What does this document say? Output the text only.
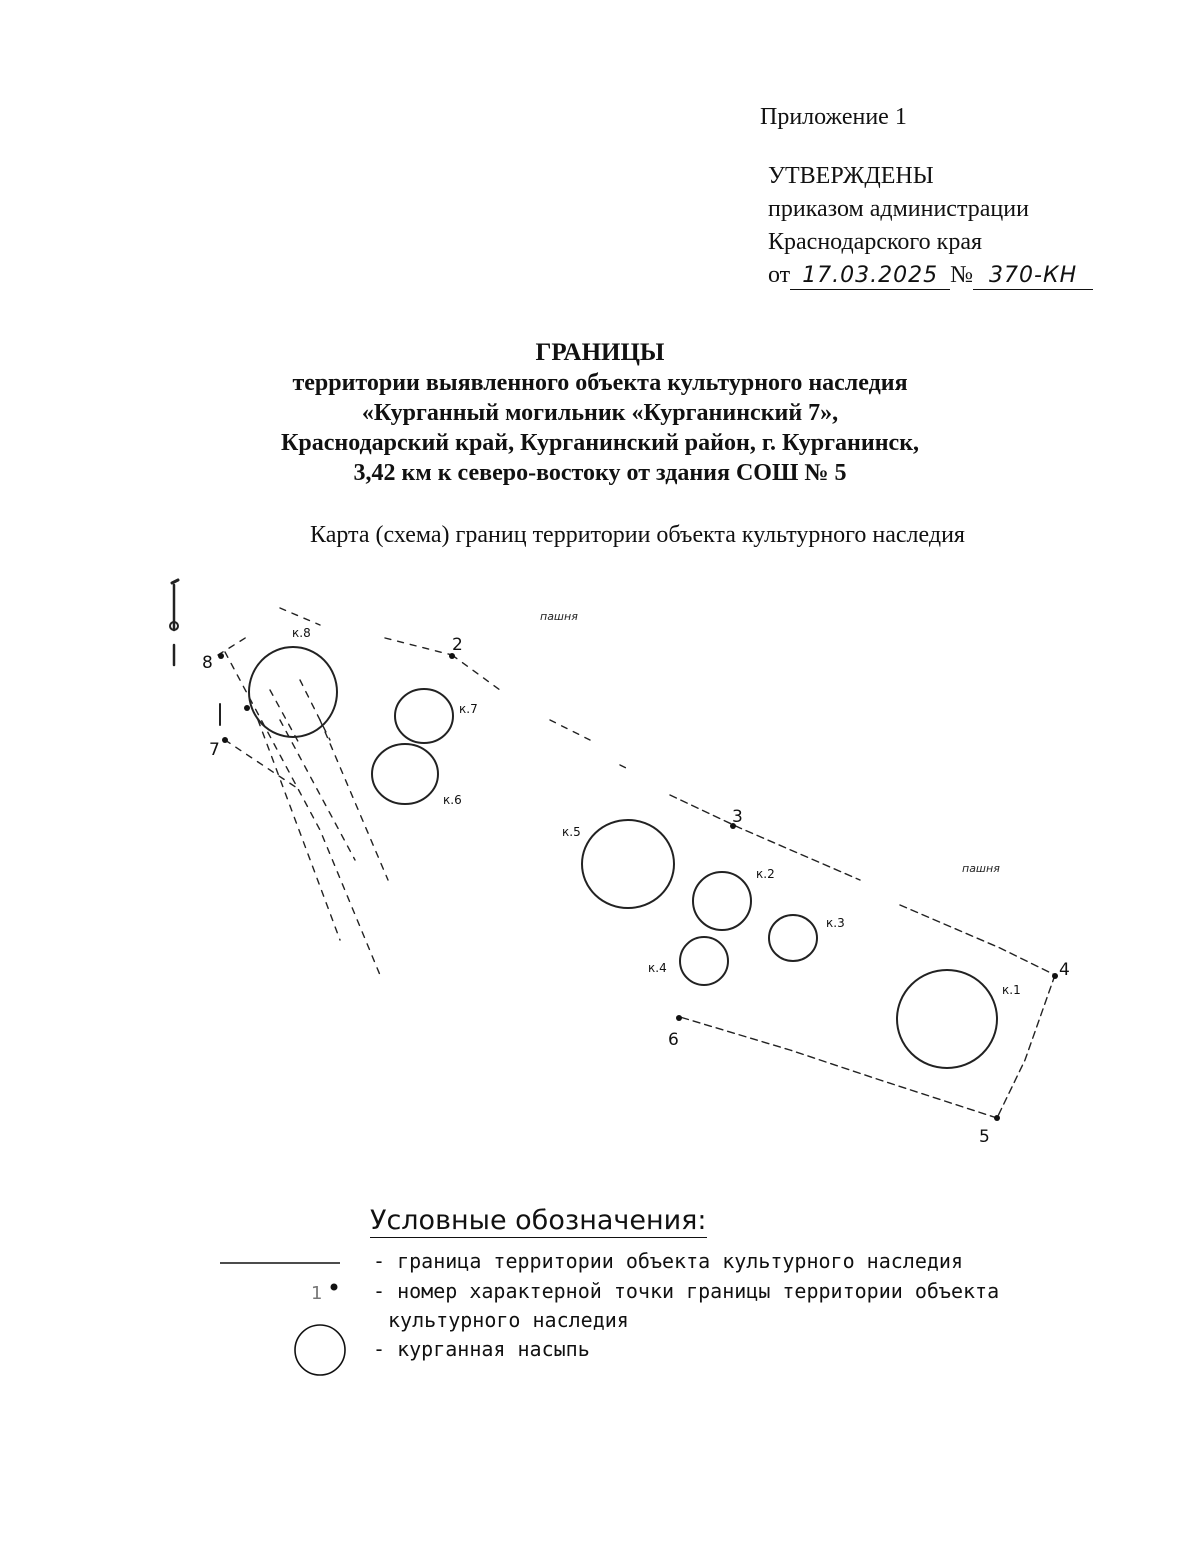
Приложение 1
УТВЕРЖДЕНЫ
приказом администрации
Краснодарского края
от 17.03.2025 № 370-КН
ГРАНИЦЫ
территории выявленного объекта культурного наследия
«Курганный могильник «Курганинский 7»,
Краснодарский край, Курганинский район, г. Курганинск,
3,42 км к северо-востоку от здания СОШ № 5
Карта (схема) границ территории объекта культурного наследия
пашня
пашня
2
3
4
5
6
7
8
к.1
к.2
к.3
к.4
к.5
к.6
к.7
к.8
Условные обозначения:
1
- граница территории объекта культурного наследия
- номер характерной точки границы территории объекта
культурного наследия
- курганная насыпь
